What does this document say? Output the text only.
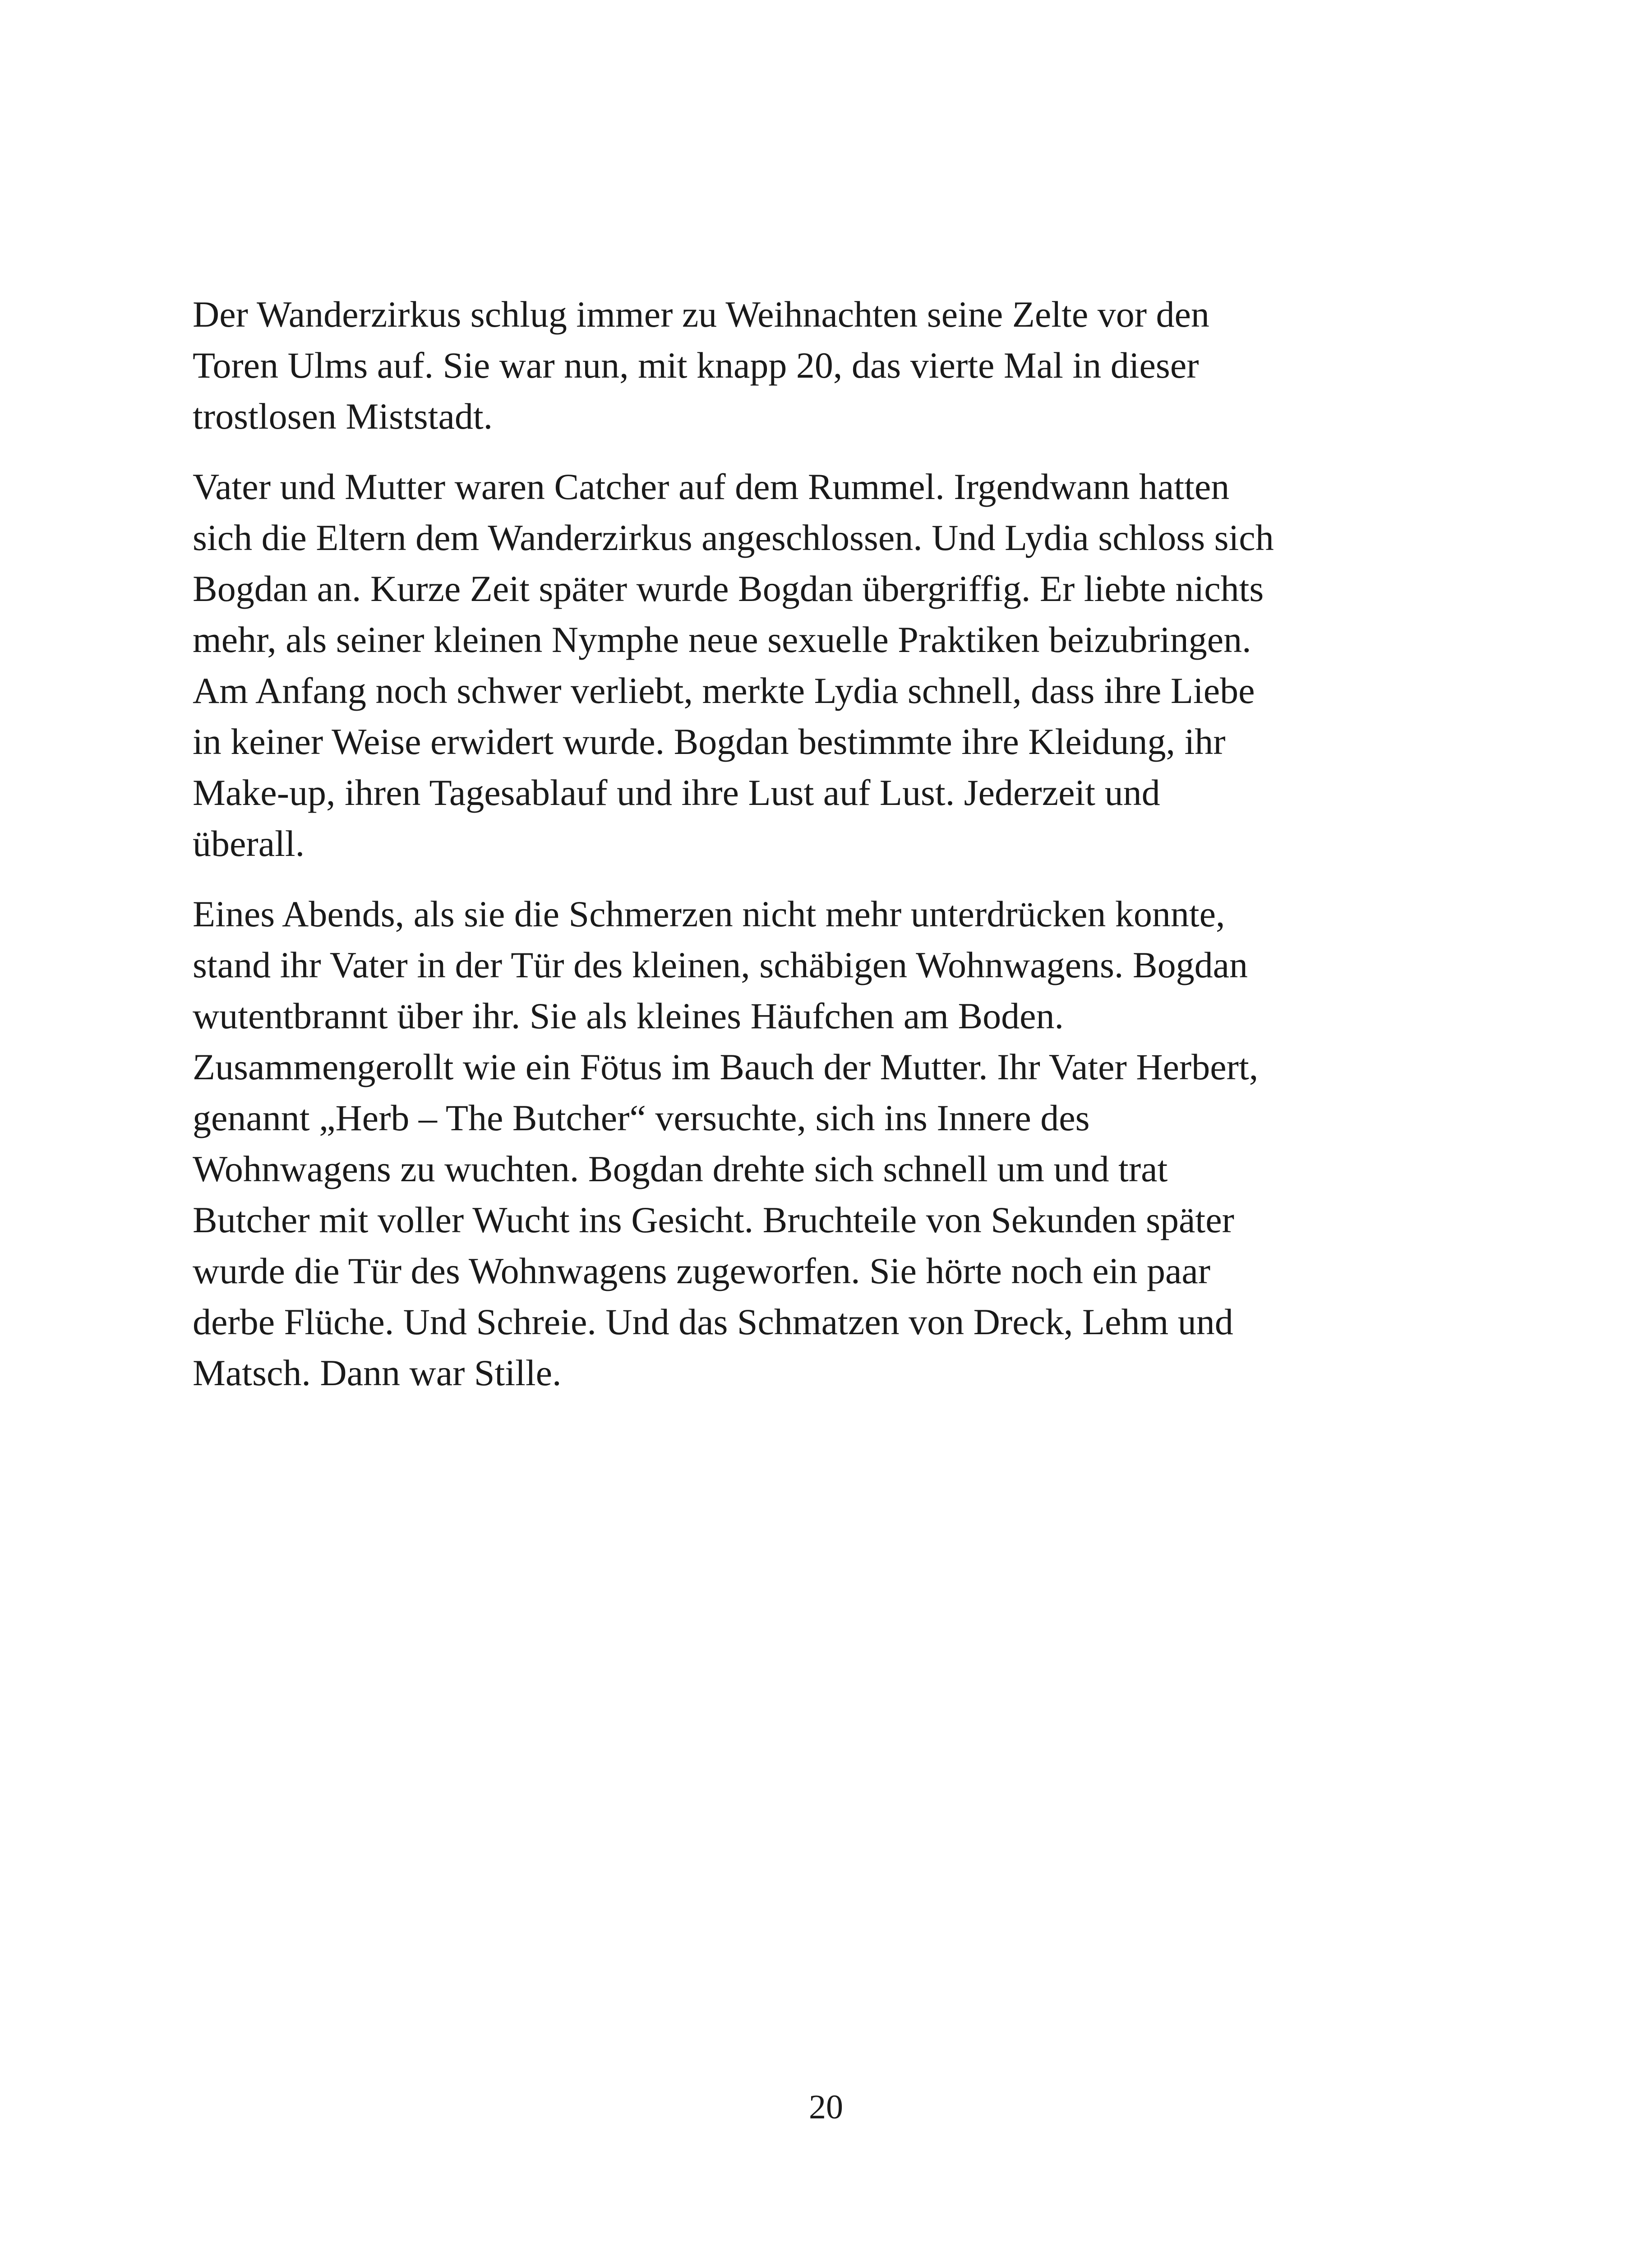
Der Wanderzirkus schlug immer zu Weihnachten seine Zelte vor den
Toren Ulms auf. Sie war nun, mit knapp 20, das vierte Mal in dieser
trostlosen Miststadt.

Vater und Mutter waren Catcher auf dem Rummel. Irgendwann hatten
sich die Eltern dem Wanderzirkus angeschlossen. Und Lydia schloss sich
Bogdan an. Kurze Zeit später wurde Bogdan übergriffig. Er liebte nichts
mehr, als seiner kleinen Nymphe neue sexuelle Praktiken beizubringen.
Am Anfang noch schwer verliebt, merkte Lydia schnell, dass ihre Liebe
in keiner Weise erwidert wurde. Bogdan bestimmte ihre Kleidung, ihr
Make-up, ihren Tagesablauf und ihre Lust auf Lust. Jederzeit und
überall.

Eines Abends, als sie die Schmerzen nicht mehr unterdrücken konnte,
stand ihr Vater in der Tür des kleinen, schäbigen Wohnwagens. Bogdan
wutentbrannt über ihr. Sie als kleines Häufchen am Boden.
Zusammengerollt wie ein Fötus im Bauch der Mutter. Ihr Vater Herbert,
genannt „Herb – The Butcher“ versuchte, sich ins Innere des
Wohnwagens zu wuchten. Bogdan drehte sich schnell um und trat
Butcher mit voller Wucht ins Gesicht. Bruchteile von Sekunden später
wurde die Tür des Wohnwagens zugeworfen. Sie hörte noch ein paar
derbe Flüche. Und Schreie. Und das Schmatzen von Dreck, Lehm und
Matsch. Dann war Stille.

20
